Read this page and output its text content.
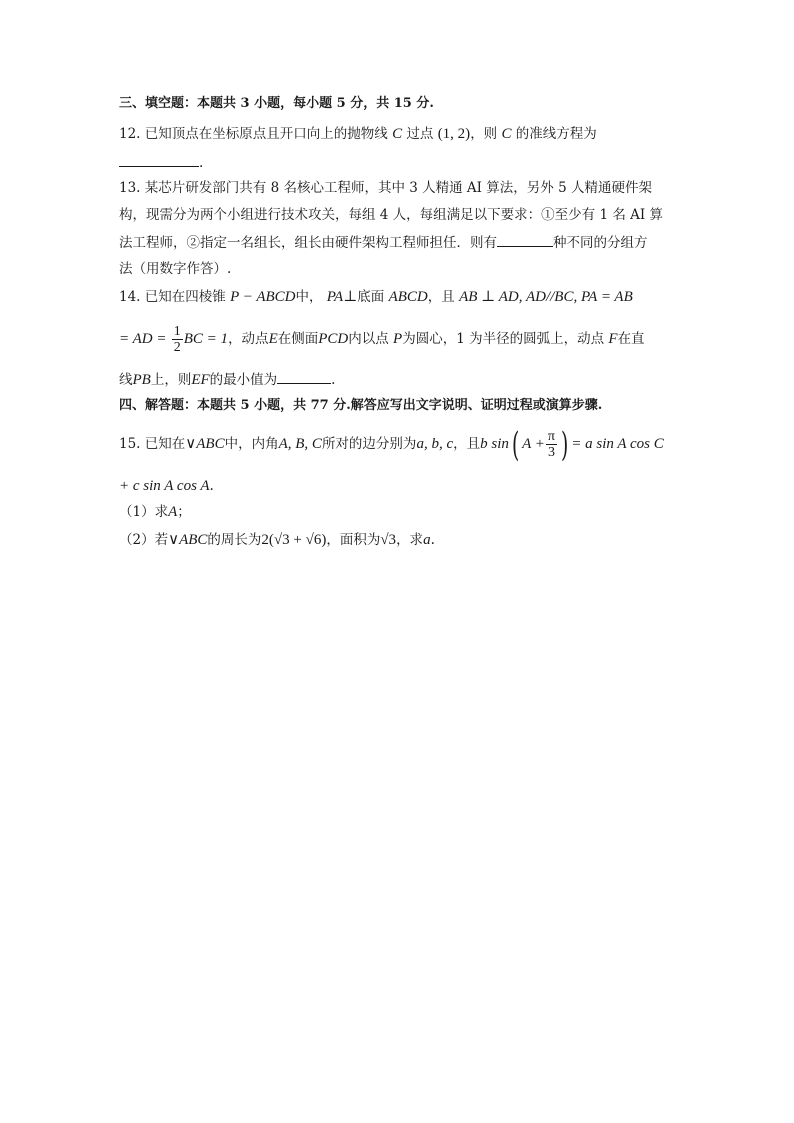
三、填空题：本题共 3 小题，每小题 5 分，共 15 分.
12. 已知顶点在坐标原点且开口向上的抛物线 C 过点 (1, 2)，则 C 的准线方程为
.
13. 某芯片研发部门共有 8 名核心工程师，其中 3 人精通 AI 算法，另外 5 人精通硬件架
构，现需分为两个小组进行技术攻关，每组 4 人，每组满足以下要求：①至少有 1 名 AI 算
法工程师，②指定一名组长，组长由硬件架构工程师担任．则有	种不同的分组方
法（用数字作答）.
14. 已知在四棱锥 P − ABCD中， PA⊥底面 ABCD，且 AB ⊥ AD, AD//BC, PA = AB
= AD = $\frac{1}{2}$ BC = 1，动点E在侧面PCD内以点 P为圆心，1 为半径的圆弧上，动点 F在直
线PB上，则EF的最小值为	.
四、解答题：本题共 5 小题，共 77 分.解答应写出文字说明、证明过程或演算步骤.
15. 已知在∨ABC中，内角A, B, C所对的边分别为a, b, c，且b sin( $A + \frac{\pi}{3}$ ) = a sin A cos C
+ c sin A cos A.
（1）求A；
（2）若∨ABC的周长为2(√3 + √6)，面积为√3，求a.
